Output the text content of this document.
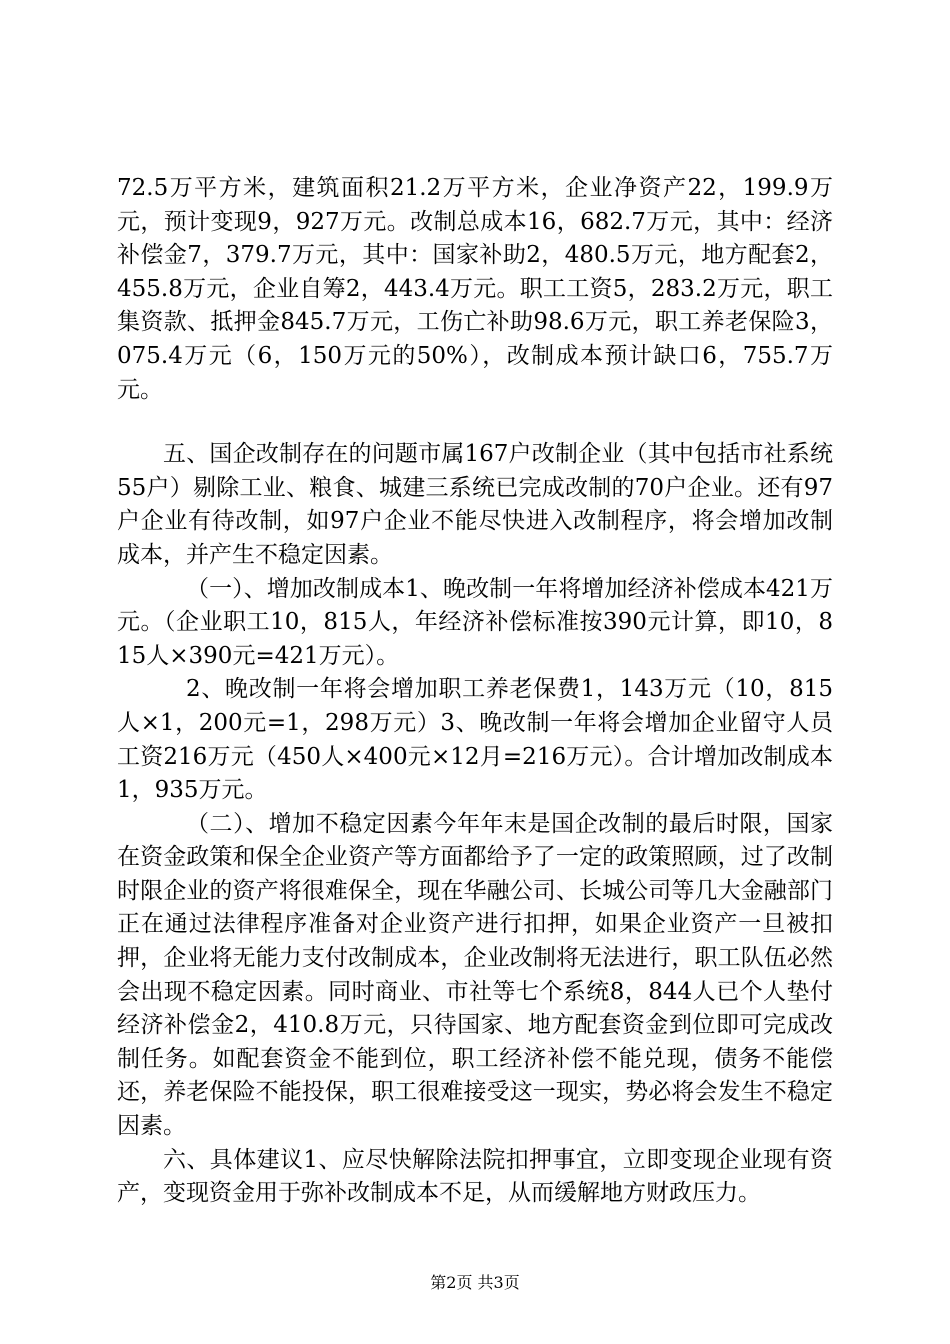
72.5万平方米，建筑面积21.2万平方米，企业净资产22，199.9万元，预计变现9，927万元。改制总成本16，682.7万元，其中：经济补偿金7，379.7万元，其中：国家补助2，480.5万元，地方配套2，455.8万元，企业自筹2，443.4万元。职工工资5，283.2万元，职工集资款、抵押金845.7万元，工伤亡补助98.6万元，职工养老保险3，075.4万元（6，150万元的50%），改制成本预计缺口6，755.7万元。

五、国企改制存在的问题市属167户改制企业（其中包括市社系统55户）剔除工业、粮食、城建三系统已完成改制的70户企业。还有97户企业有待改制，如97户企业不能尽快进入改制程序，将会增加改制成本，并产生不稳定因素。

（一）、增加改制成本1、晚改制一年将增加经济补偿成本421万元。（企业职工10，815人，年经济补偿标准按390元计算，即10，815人×390元=421万元）。

2、晚改制一年将会增加职工养老保费1，143万元（10，815人×1，200元=1，298万元）3、晚改制一年将会增加企业留守人员工资216万元（450人×400元×12月=216万元）。合计增加改制成本1，935万元。

（二）、增加不稳定因素今年年末是国企改制的最后时限，国家在资金政策和保全企业资产等方面都给予了一定的政策照顾，过了改制时限企业的资产将很难保全，现在华融公司、长城公司等几大金融部门正在通过法律程序准备对企业资产进行扣押，如果企业资产一旦被扣押，企业将无能力支付改制成本，企业改制将无法进行，职工队伍必然会出现不稳定因素。同时商业、市社等七个系统8，844人已个人垫付经济补偿金2，410.8万元，只待国家、地方配套资金到位即可完成改制任务。如配套资金不能到位，职工经济补偿不能兑现，债务不能偿还，养老保险不能投保，职工很难接受这一现实，势必将会发生不稳定因素。

六、具体建议1、应尽快解除法院扣押事宜，立即变现企业现有资产，变现资金用于弥补改制成本不足，从而缓解地方财政压力。

第2页 共3页
